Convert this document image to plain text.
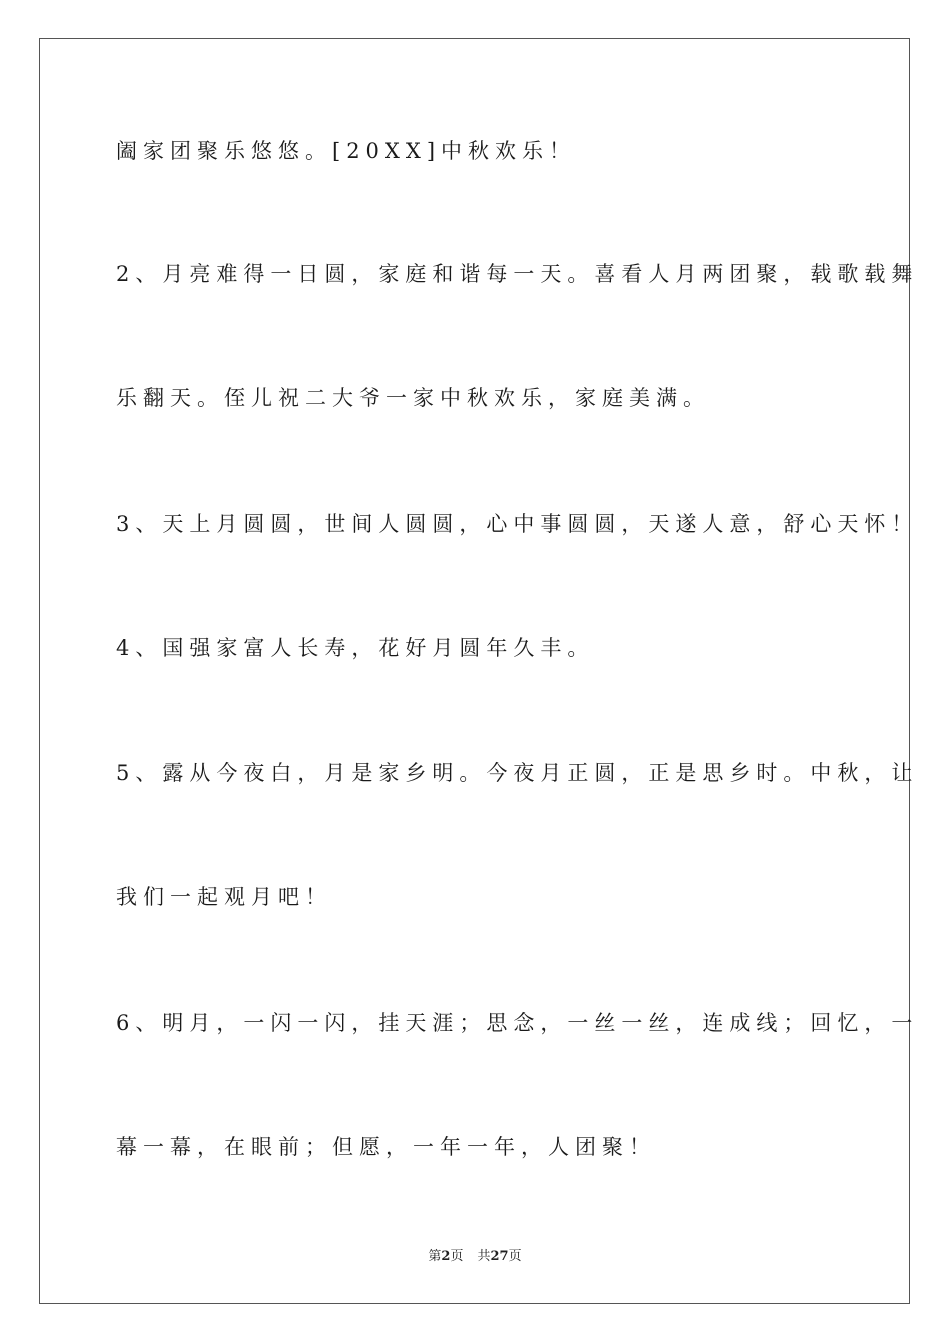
阖家团聚乐悠悠。[20XX]中秋欢乐！
2、月亮难得一日圆，家庭和谐每一天。喜看人月两团聚，载歌载舞
乐翻天。侄儿祝二大爷一家中秋欢乐，家庭美满。
3、天上月圆圆，世间人圆圆，心中事圆圆，天遂人意，舒心天怀！
4、国强家富人长寿，花好月圆年久丰。
5、露从今夜白，月是家乡明。今夜月正圆，正是思乡时。中秋，让
我们一起观月吧！
6、明月，一闪一闪，挂天涯；思念，一丝一丝，连成线；回忆，一
幕一幕，在眼前；但愿，一年一年，人团聚！
第2页 共27页
